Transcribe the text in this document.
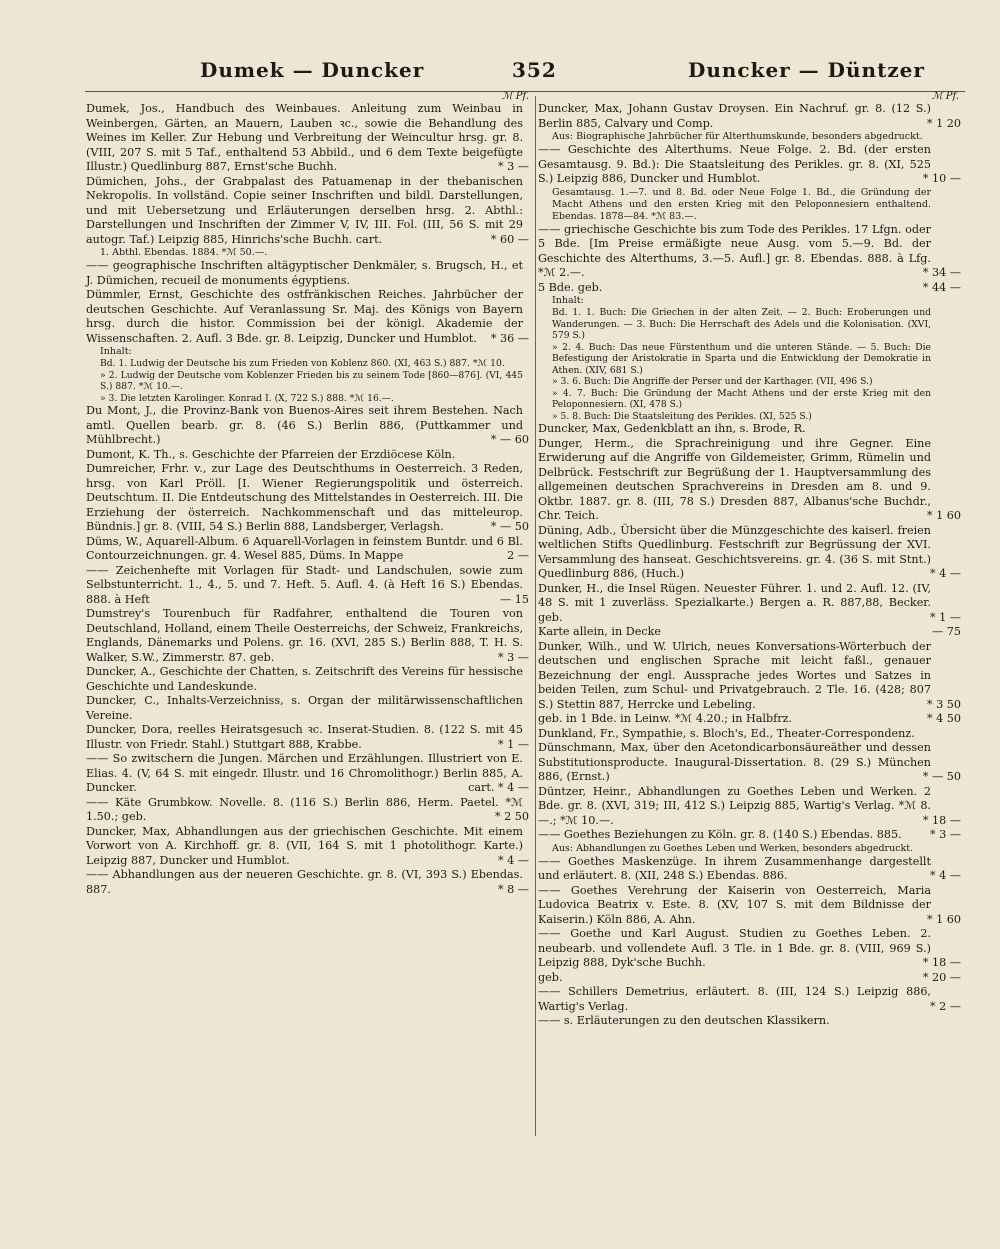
Dumek — Duncker	352	Duncker — Düntzer
ℳ Pf.
Dumek, Jos., Handbuch des Weinbaues. Anleitung zum Weinbau in Weinbergen, Gärten, an Mauern, Lauben ꝛc., sowie die Behandlung des Weines im Keller. Zur Hebung und Verbreitung der Weincultur hrsg. gr. 8. (VIII, 207 S. mit 5 Taf., enthaltend 53 Abbild., und 6 dem Texte beigefügte Illustr.) Quedlinburg 887, Ernst'sche Buchh.	* 3 —
Dümichen, Johs., der Grabpalast des Patuamenap in der thebanischen Nekropolis. In vollständ. Copie seiner Inschriften und bildl. Darstellungen, und mit Uebersetzung und Erläuterungen derselben hrsg. 2. Abthl.: Darstellungen und Inschriften der Zimmer V, IV, III. Fol. (III, 56 S. mit 29 autogr. Taf.) Leipzig 885, Hinrichs'sche Buchh. cart.	* 60 —
1. Abthl. Ebendas. 1884. *ℳ 50.—.
—— geographische Inschriften altägyptischer Denkmäler, s. Brugsch, H., et J. Dümichen, recueil de monuments égyptiens.
Dümmler, Ernst, Geschichte des ostfränkischen Reiches. Jahrbücher der deutschen Geschichte. Auf Veranlassung Sr. Maj. des Königs von Bayern hrsg. durch die histor. Commission bei der königl. Akademie der Wissenschaften. 2. Aufl. 3 Bde. gr. 8. Leipzig, Duncker und Humblot.	* 36 —
Inhalt:
Bd. 1. Ludwig der Deutsche bis zum Frieden von Koblenz 860. (XI, 463 S.) 887. *ℳ 10.
» 2. Ludwig der Deutsche vom Koblenzer Frieden bis zu seinem Tode [860—876]. (VI, 445 S.) 887. *ℳ 10.—.
» 3. Die letzten Karolinger. Konrad I. (X, 722 S.) 888. *ℳ 16.—.
Du Mont, J., die Provinz-Bank von Buenos-Aires seit ihrem Bestehen. Nach amtl. Quellen bearb. gr. 8. (46 S.) Berlin 886, (Puttkammer und Mühlbrecht.)	* — 60
Dumont, K. Th., s. Geschichte der Pfarreien der Erzdiöcese Köln.
Dumreicher, Frhr. v., zur Lage des Deutschthums in Oesterreich. 3 Reden, hrsg. von Karl Pröll. [I. Wiener Regierungspolitik und österreich. Deutschtum. II. Die Entdeutschung des Mittelstandes in Oesterreich. III. Die Erziehung der österreich. Nachkommenschaft und das mitteleurop. Bündnis.] gr. 8. (VIII, 54 S.) Berlin 888, Landsberger, Verlagsh.	* — 50
Düms, W., Aquarell-Album. 6 Aquarell-Vorlagen in feinstem Buntdr. und 6 Bl. Contourzeichnungen. gr. 4. Wesel 885, Düms. In Mappe	2 —
—— Zeichenhefte mit Vorlagen für Stadt- und Landschulen, sowie zum Selbstunterricht. 1., 4., 5. und 7. Heft. 5. Aufl. 4. (à Heft 16 S.) Ebendas. 888. à Heft	— 15
Dumstrey's Tourenbuch für Radfahrer, enthaltend die Touren von Deutschland, Holland, einem Theile Oesterreichs, der Schweiz, Frankreichs, Englands, Dänemarks und Polens. gr. 16. (XVI, 285 S.) Berlin 888, T. H. S. Walker, S.W., Zimmerstr. 87. geb.	* 3 —
Duncker, A., Geschichte der Chatten, s. Zeitschrift des Vereins für hessische Geschichte und Landeskunde.
Duncker, C., Inhalts-Verzeichniss, s. Organ der militärwissenschaftlichen Vereine.
Duncker, Dora, reelles Heiratsgesuch ꝛc. Inserat-Studien. 8. (122 S. mit 45 Illustr. von Friedr. Stahl.) Stuttgart 888, Krabbe.	* 1 —
—— So zwitschern die Jungen. Märchen und Erzählungen. Illustriert von E. Elias. 4. (V, 64 S. mit eingedr. Illustr. und 16 Chromolithogr.) Berlin 885, A. Duncker.	cart. * 4 —
—— Käte Grumbkow. Novelle. 8. (116 S.) Berlin 886, Herm. Paetel. *ℳ 1.50.; geb.	* 2 50
Duncker, Max, Abhandlungen aus der griechischen Geschichte. Mit einem Vorwort von A. Kirchhoff. gr. 8. (VII, 164 S. mit 1 photolithogr. Karte.) Leipzig 887, Duncker und Humblot.	* 4 —
—— Abhandlungen aus der neueren Geschichte. gr. 8. (VI, 393 S.) Ebendas. 887.	* 8 —
ℳ Pf.
Duncker, Max, Johann Gustav Droysen. Ein Nachruf. gr. 8. (12 S.) Berlin 885, Calvary und Comp.	* 1 20
Aus: Biographische Jahrbücher für Alterthumskunde, besonders abgedruckt.
—— Geschichte des Alterthums. Neue Folge. 2. Bd. (der ersten Gesamtausg. 9. Bd.): Die Staatsleitung des Perikles. gr. 8. (XI, 525 S.) Leipzig 886, Duncker und Humblot.	* 10 —
Gesamtausg. 1.—7. und 8. Bd. oder Neue Folge 1. Bd., die Gründung der Macht Athens und den ersten Krieg mit den Peloponnesiern enthaltend. Ebendas. 1878—84. *ℳ 83.—.
—— griechische Geschichte bis zum Tode des Perikles. 17 Lfgn. oder 5 Bde. [Im Preise ermäßigte neue Ausg. vom 5.—9. Bd. der Geschichte des Alterthums, 3.—5. Aufl.] gr. 8. Ebendas. 888. à Lfg. *ℳ 2.—.	* 34 —
5 Bde. geb.	* 44 —
Inhalt:
Bd. 1. 1. Buch: Die Griechen in der alten Zeit. — 2. Buch: Eroberungen und Wanderungen. — 3. Buch: Die Herrschaft des Adels und die Kolonisation. (XVI, 579 S.)
» 2. 4. Buch: Das neue Fürstenthum und die unteren Stände. — 5. Buch: Die Befestigung der Aristokratie in Sparta und die Entwicklung der Demokratie in Athen. (XIV, 681 S.)
» 3. 6. Buch: Die Angriffe der Perser und der Karthager. (VII, 496 S.)
» 4. 7. Buch: Die Gründung der Macht Athens und der erste Krieg mit den Peloponnesiern. (XI, 478 S.)
» 5. 8. Buch: Die Staatsleitung des Perikles. (XI, 525 S.)
Duncker, Max, Gedenkblatt an ihn, s. Brode, R.
Dunger, Herm., die Sprachreinigung und ihre Gegner. Eine Erwiderung auf die Angriffe von Gildemeister, Grimm, Rümelin und Delbrück. Festschrift zur Begrüßung der 1. Hauptversammlung des allgemeinen deutschen Sprachvereins in Dresden am 8. und 9. Oktbr. 1887. gr. 8. (III, 78 S.) Dresden 887, Albanus'sche Buchdr., Chr. Teich.	* 1 60
Düning, Adb., Übersicht über die Münzgeschichte des kaiserl. freien weltlichen Stifts Quedlinburg. Festschrift zur Begrüssung der XVI. Versammlung des hanseat. Geschichtsvereins. gr. 4. (36 S. mit Stnt.) Quedlinburg 886, (Huch.)	* 4 —
Dunker, H., die Insel Rügen. Neuester Führer. 1. und 2. Aufl. 12. (IV, 48 S. mit 1 zuverläss. Spezialkarte.) Bergen a. R. 887,88, Becker. geb.	* 1 —
Karte allein, in Decke	— 75
Dunker, Wilh., und W. Ulrich, neues Konversations-Wörterbuch der deutschen und englischen Sprache mit leicht faßl., genauer Bezeichnung der engl. Aussprache jedes Wortes und Satzes in beiden Teilen, zum Schul- und Privatgebrauch. 2 Tle. 16. (428; 807 S.) Stettin 887, Herrcke und Lebeling.	* 3 50
geb. in 1 Bde. in Leinw. *ℳ 4.20.; in Halbfrz.	* 4 50
Dunkland, Fr., Sympathie, s. Bloch's, Ed., Theater-Correspondenz.
Dünschmann, Max, über den Acetondicarbonsäureäther und dessen Substitutionsproducte. Inaugural-Dissertation. 8. (29 S.) München 886, (Ernst.)	* — 50
Düntzer, Heinr., Abhandlungen zu Goethes Leben und Werken. 2 Bde. gr. 8. (XVI, 319; III, 412 S.) Leipzig 885, Wartig's Verlag. *ℳ 8.—.; *ℳ 10.—.	* 18 —
—— Goethes Beziehungen zu Köln. gr. 8. (140 S.) Ebendas. 885.	* 3 —
Aus: Abhandlungen zu Goethes Leben und Werken, besonders abgedruckt.
—— Goethes Maskenzüge. In ihrem Zusammenhange dargestellt und erläutert. 8. (XII, 248 S.) Ebendas. 886.	* 4 —
—— Goethes Verehrung der Kaiserin von Oesterreich, Maria Ludovica Beatrix v. Este. 8. (XV, 107 S. mit dem Bildnisse der Kaiserin.) Köln 886, A. Ahn.	* 1 60
—— Goethe und Karl August. Studien zu Goethes Leben. 2. neubearb. und vollendete Aufl. 3 Tle. in 1 Bde. gr. 8. (VIII, 969 S.) Leipzig 888, Dyk'sche Buchh.	* 18 —
geb.	* 20 —
—— Schillers Demetrius, erläutert. 8. (III, 124 S.) Leipzig 886, Wartig's Verlag.	* 2 —
—— s. Erläuterungen zu den deutschen Klassikern.
